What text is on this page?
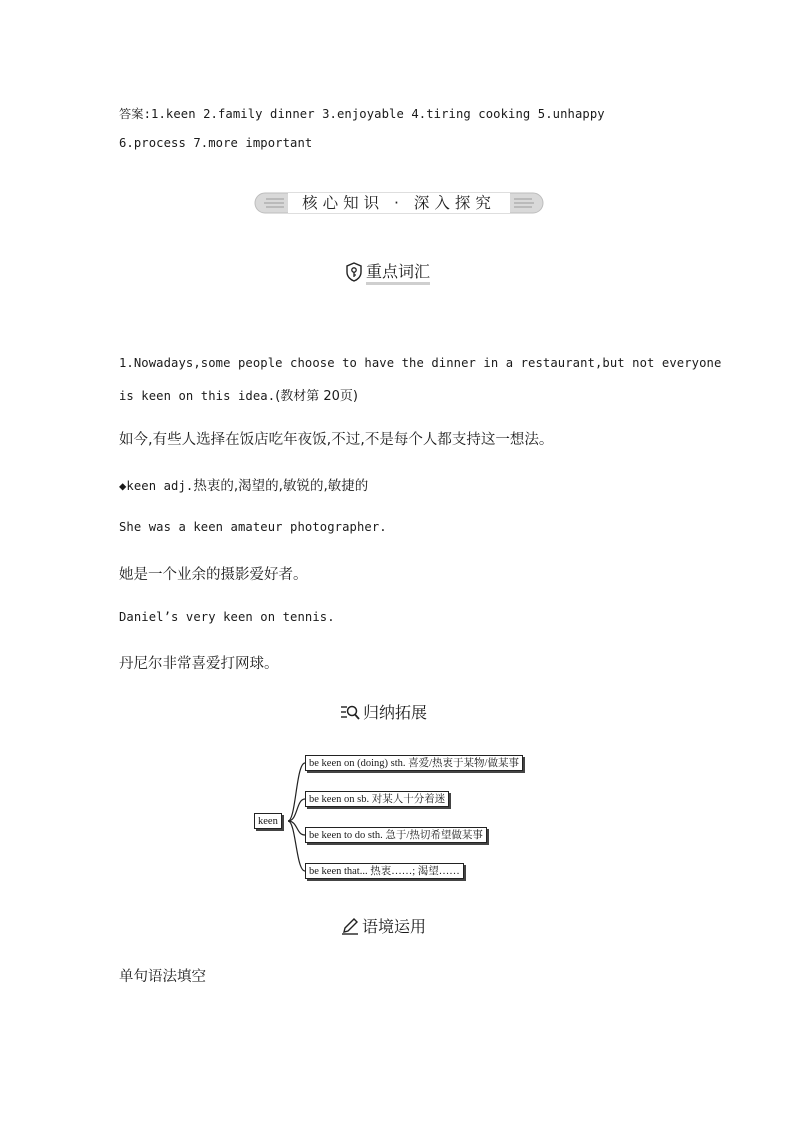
答案:1.keen 2.family dinner 3.enjoyable 4.tiring cooking 5.unhappy
6.process 7.more important
核心知识 · 深入探究
重点词汇
1.Nowadays,some people choose to have the dinner in a restaurant,but not everyone
is keen on this idea.(教材第 20页)
如今,有些人选择在饭店吃年夜饭,不过,不是每个人都支持这一想法。
◆keen adj.热衷的,渴望的,敏锐的,敏捷的
She was a keen amateur photographer.
她是一个业余的摄影爱好者。
Daniel’s very keen on tennis.
丹尼尔非常喜爱打网球。
归纳拓展
keen
be keen on (doing) sth. 喜爱/热衷于某物/做某事
be keen on sb. 对某人十分着迷
be keen to do sth. 急于/热切希望做某事
be keen that... 热衷……; 渴望……
语境运用
单句语法填空
